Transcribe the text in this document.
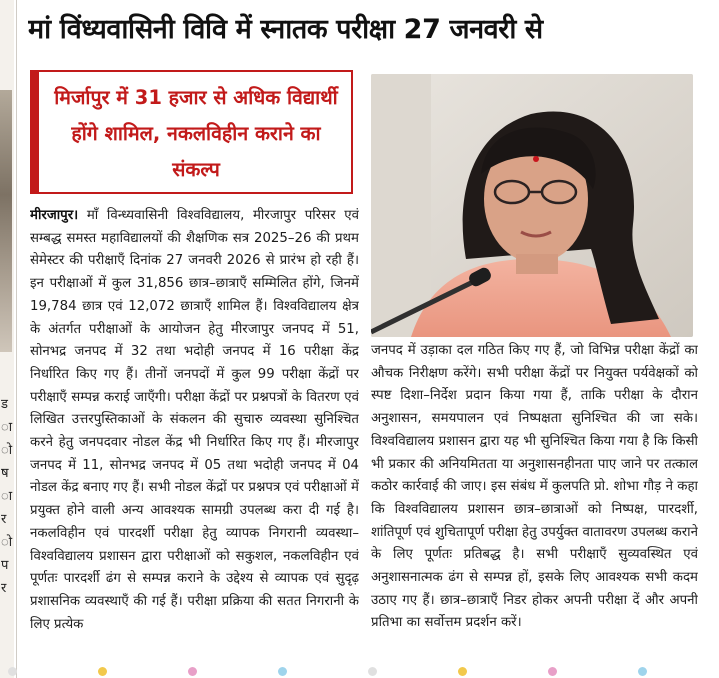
ड
ा
ो
ष
ा
र
ो
प
र
मां विंध्यवासिनी विवि में स्नातक परीक्षा 27 जनवरी से
मिर्जापुर में 31 हजार से अधिक विद्यार्थी होंगे शामिल, नकलविहीन कराने का संकल्प
मीरजापुर। माँ विन्ध्यवासिनी विश्वविद्यालय, मीरजापुर परिसर एवं सम्बद्ध समस्त महाविद्यालयों की शैक्षणिक सत्र 2025–26 की प्रथम सेमेस्टर की परीक्षाएँ दिनांक 27 जनवरी 2026 से प्रारंभ हो रही हैं। इन परीक्षाओं में कुल 31,856 छात्र–छात्राएँ सम्मिलित होंगे, जिनमें 19,784 छात्र एवं 12,072 छात्राएँ शामिल हैं। विश्वविद्यालय क्षेत्र के अंतर्गत परीक्षाओं के आयोजन हेतु मीरजापुर जनपद में 51, सोनभद्र जनपद में 32 तथा भदोही जनपद में 16 परीक्षा केंद्र निर्धारित किए गए हैं। तीनों जनपदों में कुल 99 परीक्षा केंद्रों पर परीक्षाएँ सम्पन्न कराई जाएँगी। परीक्षा केंद्रों पर प्रश्नपत्रों के वितरण एवं लिखित उत्तरपुस्तिकाओं के संकलन की सुचारु व्यवस्था सुनिश्चित करने हेतु जनपदवार नोडल केंद्र भी निर्धारित किए गए हैं। मीरजापुर जनपद में 11, सोनभद्र जनपद में 05 तथा भदोही जनपद में 04 नोडल केंद्र बनाए गए हैं। सभी नोडल केंद्रों पर प्रश्नपत्र एवं परीक्षाओं में प्रयुक्त होने वाली अन्य आवश्यक सामग्री उपलब्ध करा दी गई है। नकलविहीन एवं पारदर्शी परीक्षा हेतु व्यापक निगरानी व्यवस्था–विश्वविद्यालय प्रशासन द्वारा परीक्षाओं को सकुशल, नकलविहीन एवं पूर्णतः पारदर्शी ढंग से सम्पन्न कराने के उद्देश्य से व्यापक एवं सुदृढ़ प्रशासनिक व्यवस्थाएँ की गई हैं। परीक्षा प्रक्रिया की सतत निगरानी के लिए प्रत्येक
जनपद में उड़ाका दल गठित किए गए हैं, जो विभिन्न परीक्षा केंद्रों का औचक निरीक्षण करेंगे। सभी परीक्षा केंद्रों पर नियुक्त पर्यवेक्षकों को स्पष्ट दिशा–निर्देश प्रदान किया गया हैं, ताकि परीक्षा के दौरान अनुशासन, समयपालन एवं निष्पक्षता सुनिश्चित की जा सके। विश्वविद्यालय प्रशासन द्वारा यह भी सुनिश्चित किया गया है कि किसी भी प्रकार की अनियमितता या अनुशासनहीनता पाए जाने पर तत्काल कठोर कार्रवाई की जाए। इस संबंध में कुलपति प्रो. शोभा गौड़ ने कहा कि विश्वविद्यालय प्रशासन छात्र–छात्राओं को निष्पक्ष, पारदर्शी, शांतिपूर्ण एवं शुचितापूर्ण परीक्षा हेतु उपर्युक्त वातावरण उपलब्ध कराने के लिए पूर्णतः प्रतिबद्ध है। सभी परीक्षाएँ सुव्यवस्थित एवं अनुशासनात्मक ढंग से सम्पन्न हों, इसके लिए आवश्यक सभी कदम उठाए गए हैं। छात्र–छात्राएँ निडर होकर अपनी परीक्षा दें और अपनी प्रतिभा का सर्वोत्तम प्रदर्शन करें।
